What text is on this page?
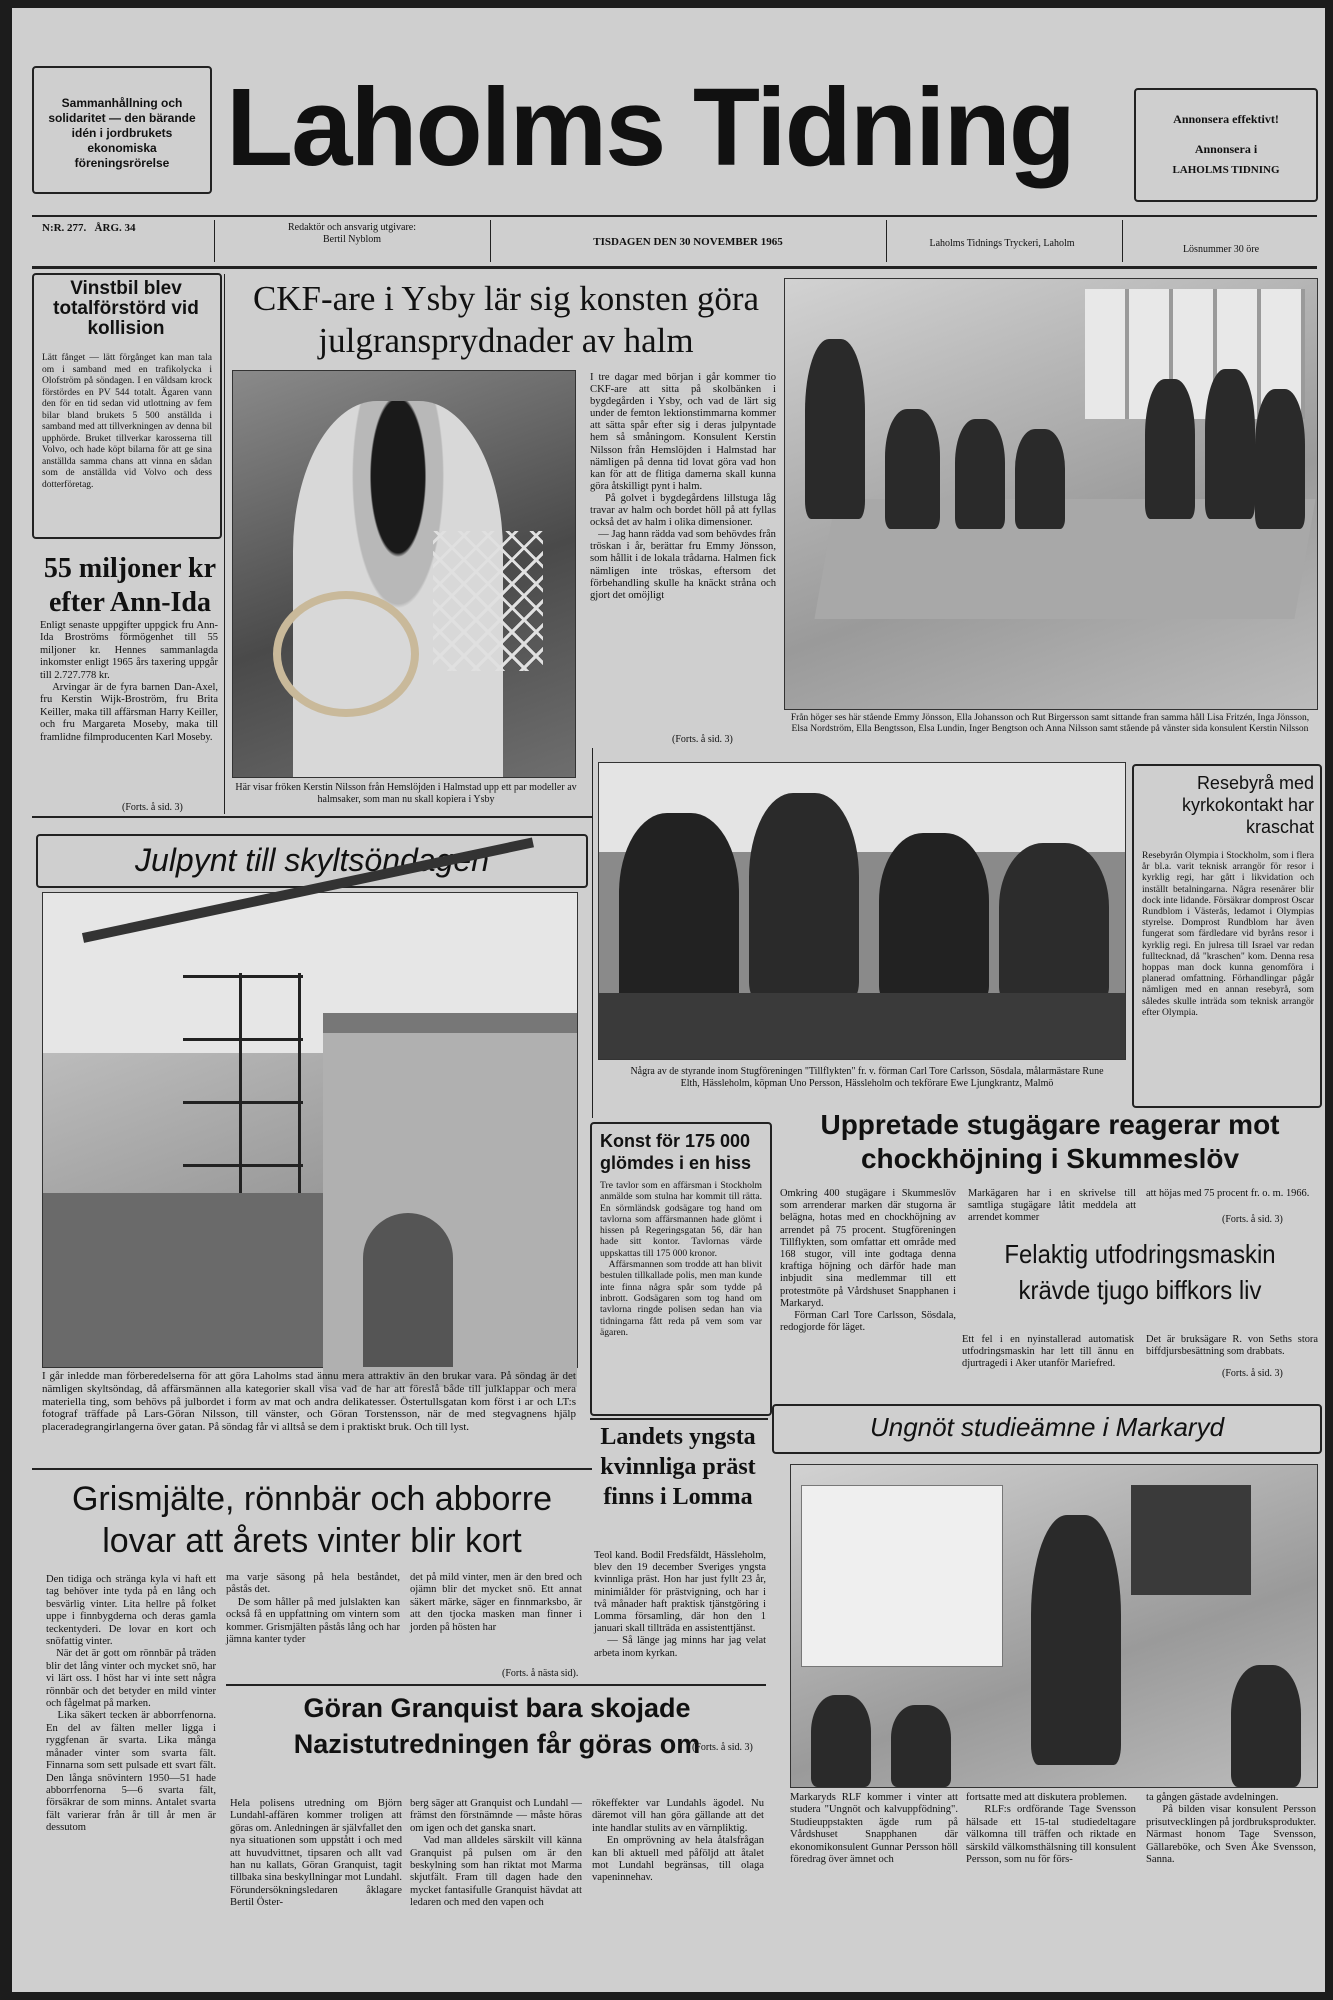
Sammanhållning och solidaritet — den bärande idén i jordbrukets ekonomiska föreningsrörelse Laholms Tidning	Annonsera effektivt!
Annonsera i
LAHOLMS TIDNING
N:R. 277.   ÅRG. 34	Redaktör och ansvarig utgivare:
Bertil Nyblom	TISDAGEN DEN 30 NOVEMBER 1965	Laholms Tidnings Tryckeri, Laholm
Lösnummer 30 öre
Vinstbil blev totalförstörd vid kollision
Lätt fånget — lätt förgånget kan man tala om i samband med en trafikolycka i Olofström på söndagen. I en våldsam krock förstördes en PV 544 totalt. Ägaren vann den för en tid sedan vid utlottning av fem bilar bland brukets 5 500 anställda i samband med att tillverkningen av denna bil upphörde. Bruket tillverkar karosserna till Volvo, och hade köpt bilarna för att ge sina anställda samma chans att vinna en sådan som de anställda vid Volvo och dess dotterföretag.
55 miljoner kr efter Ann-Ida
Enligt senaste uppgifter uppgick fru Ann-Ida Broströms förmögenhet till 55 miljoner kr. Hennes sammanlagda inkomster enligt 1965 års taxering uppgår till 2.727.778 kr.
Arvingar är de fyra barnen Dan-Axel, fru Kerstin Wijk-Broström, fru Brita Keiller, maka till affärsman Harry Keiller, och fru Margareta Moseby, maka till framlidne filmproducenten Karl Moseby.
(Forts. å sid. 3)
CKF-are i Ysby lär sig konsten göra julgransprydnader av halm
Här visar fröken Kerstin Nilsson från Hemslöjden i Halmstad upp ett par modeller av halmsaker, som man nu skall kopiera i Ysby
I tre dagar med början i går kommer tio CKF-are att sitta på skolbänken i bygdegården i Ysby, och vad de lärt sig under de femton lektionstimmarna kommer att sätta spår efter sig i deras julpyntade hem så småningom. Konsulent Kerstin Nilsson från Hemslöjden i Halmstad har nämligen på denna tid lovat göra vad hon kan för att de flitiga damerna skall kunna göra åtskilligt pynt i halm.
På golvet i bygdegårdens lillstuga låg travar av halm och bordet höll på att fyllas också det av halm i olika dimensioner.
— Jag hann rädda vad som behövdes från tröskan i år, berättar fru Emmy Jönsson, som hållit i de lokala trådarna. Halmen fick nämligen inte tröskas, eftersom det förbehandling skulle ha knäckt stråna och gjort det omöjligt
(Forts. å sid. 3)
Från höger ses här stående Emmy Jönsson, Ella Johansson och Rut Birgersson samt sittande fran samma håll Lisa Fritzén, Inga Jönsson, Elsa Nordström, Ella Bengtsson, Elsa Lundin, Inger Bengtson och Anna Nilsson samt stående på vänster sida konsulent Kerstin Nilsson
Julpynt till skyltsöndagen
I går inledde man förberedelserna för att göra Laholms stad ännu mera attraktiv än den brukar vara. På söndag är det nämligen skyltsöndag, då affärsmännen alla kategorier skall visa vad de har att föreslå både till julklappar och mera materiella ting, som behövs på julbordet i form av mat och andra delikatesser. Östertullsgatan kom först i ar och LT:s fotograf träffade på Lars-Göran Nilsson, till vänster, och Göran Torstensson, när de med stegvagnens hjälp placeradegrangirlangerna över gatan. På söndag får vi alltså se dem i praktiskt bruk. Och till lyst.
Några av de styrande inom Stugföreningen "Tillflykten" fr. v. förman Carl Tore Carlsson, Sösdala, målarmästare Rune Elth, Hässleholm, köpman Uno Persson, Hässleholm och tekförare Ewe Ljungkrantz, Malmö
Resebyrå med kyrkokontakt har kraschat
Resebyrån Olympia i Stockholm, som i flera år bl.a. varit teknisk arrangör för resor i kyrklig regi, har gått i likvidation och inställt betalningarna. Några resenärer blir dock inte lidande. Försäkrar domprost Oscar Rundblom i Västerås, ledamot i Olympias styrelse. Domprost Rundblom har även fungerat som färdledare vid byråns resor i kyrklig regi. En julresa till Israel var redan fulltecknad, då "kraschen" kom. Denna resa hoppas man dock kunna genomföra i planerad omfattning. Förhandlingar pågår nämligen med en annan resebyrå, som således skulle inträda som teknisk arrangör efter Olympia.
Konst för 175 000 glömdes i en hiss
Tre tavlor som en affärsman i Stockholm anmälde som stulna har kommit till rätta. En sörmländsk godsägare tog hand om tavlorna som affärsmannen hade glömt i hissen på Regeringsgatan 56, där han hade sitt kontor. Tavlornas värde uppskattas till 175 000 kronor.
Affärsmannen som trodde att han blivit bestulen tillkallade polis, men man kunde inte finna några spår som tydde på inbrott. Godsägaren som tog hand om tavlorna ringde polisen sedan han via tidningarna fått reda på vem som var ägaren.
Uppretade stugägare reagerar mot chockhöjning i Skummeslöv
Omkring 400 stugägare i Skummeslöv som arrenderar marken där stugorna är belägna, hotas med en chockhöjning av arrendet på 75 procent. Stugföreningen Tillflykten, som omfattar ett område med 168 stugor, vill inte godtaga denna kraftiga höjning och därför hade man inbjudit sina medlemmar till ett protestmöte på Vårdshuset Snapphanen i Markaryd.
Förman Carl Tore Carlsson, Sösdala, redogjorde för läget.
Markägaren har i en skrivelse till samtliga stugägare låtit meddela att arrendet kommer
att höjas med 75 procent fr. o. m. 1966.
(Forts. å sid. 3)
Felaktig utfodringsmaskin krävde tjugo biffkors liv
Ett fel i en nyinstallerad automatisk utfodringsmaskin har lett till ännu en djurtragedi i Aker utanför Mariefred.
Det är bruksägare R. von Seths stora biffdjursbesättning som drabbats.
(Forts. å sid. 3)
Landets yngsta kvinnliga präst finns i Lomma
Teol kand. Bodil Fredsfäldt, Hässleholm, blev den 19 december Sveriges yngsta kvinnliga präst. Hon har just fyllt 23 år, minimiålder för prästvigning, och har i två månader haft praktisk tjänstgöring i Lomma församling, där hon den 1 januari skall tillträda en assistenttjänst.
— Så länge jag minns har jag velat arbeta inom kyrkan.
(Forts. å sid. 3)
Ungnöt studieämne i Markaryd
Markaryds RLF kommer i vinter att studera "Ungnöt och kalvuppfödning". Studieuppstakten ägde rum på Vårdshuset Snapphanen där ekonomikonsulent Gunnar Persson höll föredrag över ämnet och
fortsatte med att diskutera problemen.
RLF:s ordförande Tage Svensson hälsade ett 15-tal studiedeltagare välkomna till träffen och riktade en särskild välkomsthälsning till konsulent Persson, som nu för förs-
ta gången gästade avdelningen.
På bilden visar konsulent Persson prisutvecklingen på jordbruksprodukter. Närmast honom Tage Svensson, Gällareböke, och Sven Åke Svensson, Sanna.
Grismjälte, rönnbär och abborre lovar att årets vinter blir kort
Den tidiga och stränga kyla vi haft ett tag behöver inte tyda på en lång och besvärlig vinter. Lita hellre på folket uppe i finnbygderna och deras gamla teckentyderi. De lovar en kort och snöfattig vinter.
När det är gott om rönnbär på träden blir det lång vinter och mycket snö, har vi lärt oss. I höst har vi inte sett några rönnbär och det betyder en mild vinter och fågelmat på marken.
Lika säkert tecken är abborrfenorna. En del av fälten meller ligga i ryggfenan är svarta. Lika många månader vinter som svarta fält. Finnarna som sett pulsade ett svart fält. Den långa snövintern 1950—51 hade abborrfenorna 5—6 svarta fält, försäkrar de som minns. Antalet svarta fält varierar från år till år men är dessutom
ma varje säsong på hela beståndet, påstås det.
De som håller på med julslakten kan också få en uppfattning om vintern som kommer. Grismjälten påstås lång och har jämna kanter tyder
det på mild vinter, men är den bred och ojämn blir det mycket snö. Ett annat säkert märke, säger en finnmarksbo, är att den tjocka masken man finner i jorden på hösten har
(Forts. å nästa sid).
Göran Granquist bara skojade Nazistutredningen får göras om
Hela polisens utredning om Björn Lundahl-affären kommer troligen att göras om. Anledningen är självfallet den nya situationen som uppstått i och med att huvudvittnet, tipsaren och allt vad han nu kallats, Göran Granquist, tagit tillbaka sina beskyllningar mot Lundahl. Förundersökningsledaren åklagare Bertil Öster-
berg säger att Granquist och Lundahl — främst den förstnämnde — måste höras om igen och det ganska snart.
Vad man alldeles särskilt vill känna Granquist på pulsen om är den beskylning som han riktat mot Marma skjutfält. Fram till dagen hade den mycket fantasifulle Granquist hävdat att ledaren och med den vapen och
rökeffekter var Lundahls ägodel. Nu däremot vill han göra gällande att det inte handlar stulits av en värnpliktig.
En omprövning av hela åtalsfrågan kan bli aktuell med påföljd att åtalet mot Lundahl begränsas, till olaga vapeninnehav.
